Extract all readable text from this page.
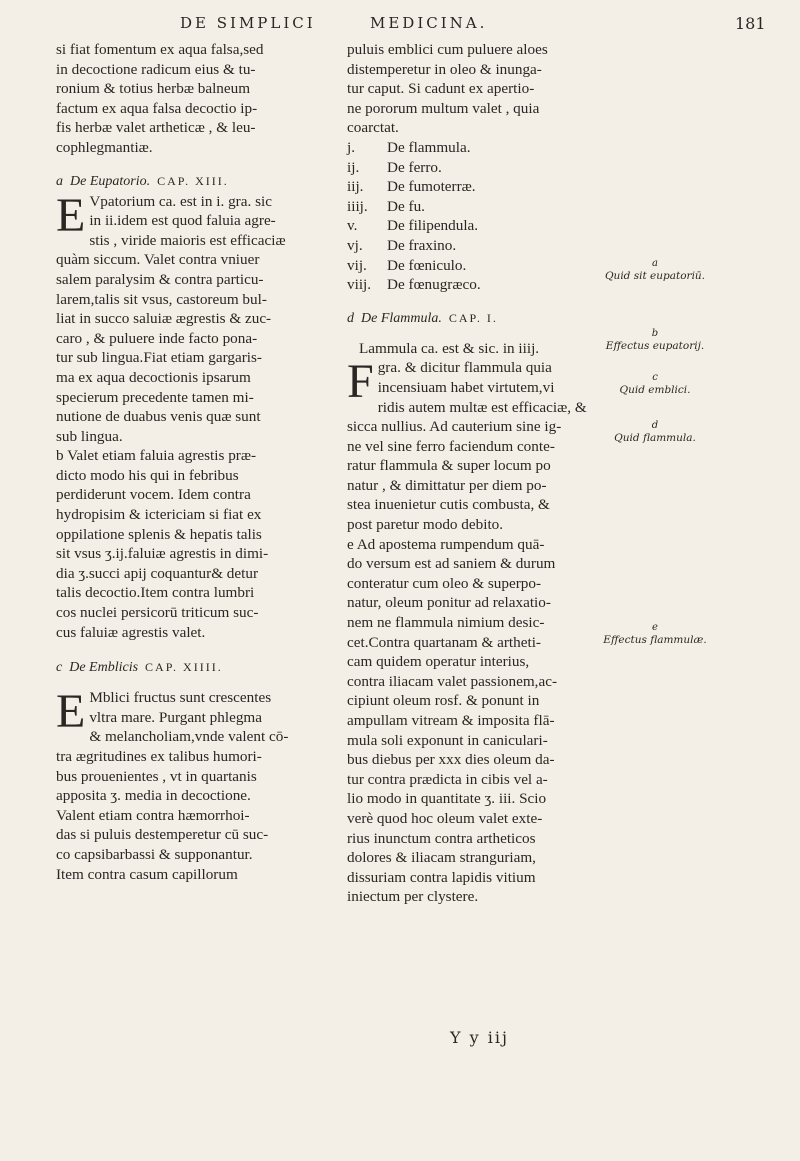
DE SIMPLICI	MEDICINA.	181
si fiat fomentum ex aqua falsa,sed
in decoctione radicum eius & tu-
ronium & totius herbæ balneum
factum ex aqua falsa decoctio ip-
fis herbæ valet artheticæ , & leu-
cophlegmantiæ.
a De Eupatorio. CAP. XIII.
E Vpatorium ca. est in i. gra. sic
in ii.idem est quod faluia agre-
stis , viride maioris est efficaciæ
quàm siccum. Valet contra vniuer
salem paralysim & contra particu-
larem,talis sit vsus, castoreum bul-
liat in succo saluiæ ægrestis & zuc-
caro , & puluere inde facto pona-
tur sub lingua.Fiat etiam gargaris-
ma ex aqua decoctionis ipsarum
specierum precedente tamen mi-
nutione de duabus venis quæ sunt
sub lingua.
b Valet etiam faluia agrestis præ-
dicto modo his qui in febribus
perdiderunt vocem. Idem contra
hydropisim & ictericiam si fiat ex
oppilatione splenis & hepatis talis
sit vsus ʒ.ij.faluiæ agrestis in dimi-
dia ʒ.succi apij coquantur& detur
talis decoctio.Item contra lumbri
cos nuclei persicorū triticum suc-
cus faluiæ agrestis valet.
c De Emblicis CAP. XIIII.
E Mblici fructus sunt crescentes
vltra mare. Purgant phlegma
& melancholiam,vnde valent cō-
tra ægritudines ex talibus humori-
bus prouenientes , vt in quartanis
apposita ʒ. media in decoctione.
Valent etiam contra hæmorrhoi-
das si puluis destemperetur cū suc-
co capsibarbassi & supponantur.
Item contra casum capillorum
puluis emblici cum puluere aloes
distemperetur in oleo & inunga-
tur caput. Si cadunt ex apertio-
ne pororum multum valet , quia
coarctat.
j. De flammula.
ij. De ferro.
iij. De fumoterræ.
iiij. De fu.
v. De filipendula.
vj. De fraxino.
vij. De fœniculo.
viij. De fœnugræco.
d De Flammula. CAP. I.
Lammula ca. est & sic. in iiij.
F gra. & dicitur flammula quia
incensiuam habet virtutem,vi
ridis autem multæ est efficaciæ, &
sicca nullius. Ad cauterium sine ig-
ne vel sine ferro faciendum conte-
ratur flammula & super locum po
natur , & dimittatur per diem po-
stea inuenietur cutis combusta, &
post paretur modo debito.
e Ad apostema rumpendum quā-
do versum est ad saniem & durum
conteratur cum oleo & superpo-
natur, oleum ponitur ad relaxatio-
nem ne flammula nimium desic-
cet.Contra quartanam & artheti-
cam quidem operatur interius,
contra iliacam valet passionem,ac-
cipiunt oleum rosf. & ponunt in
ampullam vitream & imposita flā-
mula soli exponunt in caniculari-
bus diebus per xxx dies oleum da-
tur contra prædicta in cibis vel a-
lio modo in quantitate ʒ. iii. Scio
verè quod hoc oleum valet exte-
rius inunctum contra artheticos
dolores & iliacam stranguriam,
dissuriam contra lapidis vitium
iniectum per clystere.
a
Quid sit eupatoriū.
b
Effectus eupatorij.
c
Quid emblici.
d
Quid flammula.
e
Effectus flammulæ.
Y y iij
